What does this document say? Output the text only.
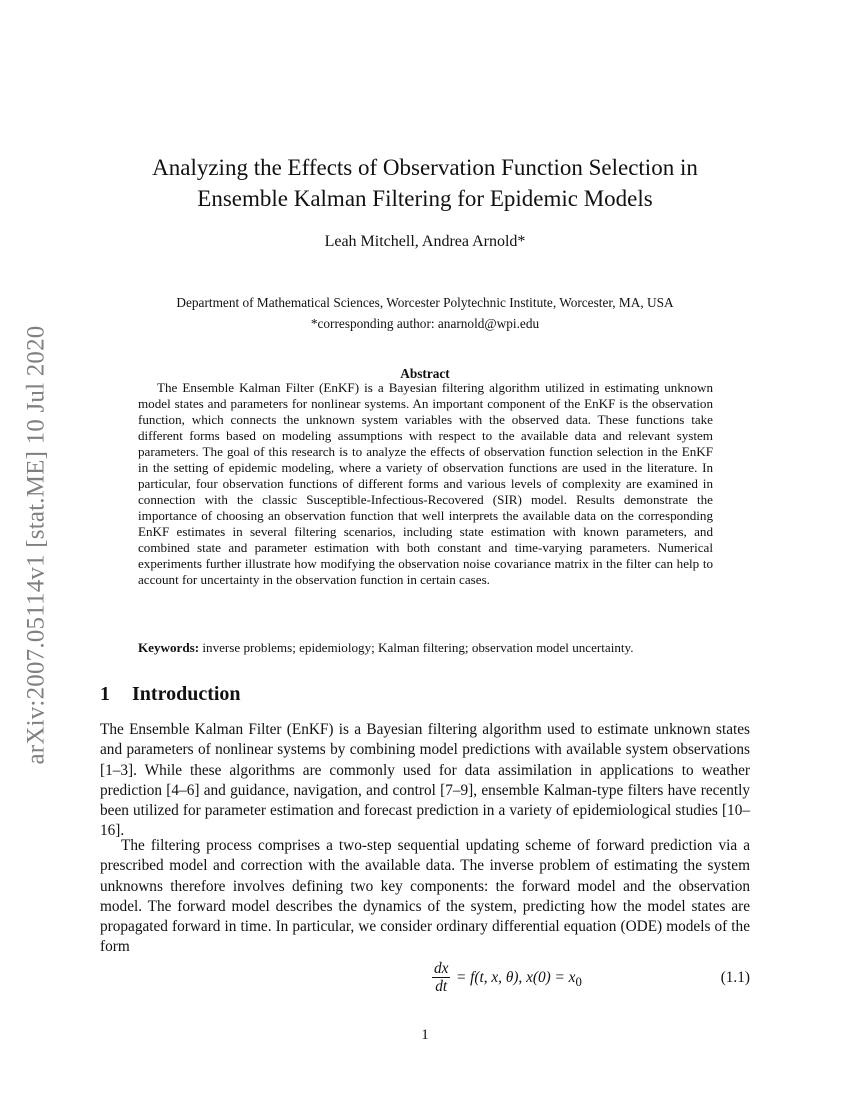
arXiv:2007.05114v1 [stat.ME] 10 Jul 2020
Analyzing the Effects of Observation Function Selection in
Ensemble Kalman Filtering for Epidemic Models
Leah Mitchell, Andrea Arnold*
Department of Mathematical Sciences, Worcester Polytechnic Institute, Worcester, MA, USA
*corresponding author: anarnold@wpi.edu
Abstract

The Ensemble Kalman Filter (EnKF) is a Bayesian filtering algorithm utilized in estimating unknown model states and parameters for nonlinear systems. An important component of the EnKF is the observation function, which connects the unknown system variables with the observed data. These functions take different forms based on modeling assumptions with respect to the available data and relevant system parameters. The goal of this research is to analyze the effects of observation function selection in the EnKF in the setting of epidemic modeling, where a variety of observation functions are used in the literature. In particular, four observation functions of different forms and various levels of complexity are examined in connection with the classic Susceptible-Infectious-Recovered (SIR) model. Results demonstrate the importance of choosing an observation function that well interprets the available data on the corresponding EnKF estimates in several filtering scenarios, including state estimation with known parameters, and combined state and parameter estimation with both constant and time-varying parameters. Numerical experiments further illustrate how modifying the observation noise covariance matrix in the filter can help to account for uncertainty in the observation function in certain cases.

Keywords: inverse problems; epidemiology; Kalman filtering; observation model uncertainty.
1 Introduction

The Ensemble Kalman Filter (EnKF) is a Bayesian filtering algorithm used to estimate unknown states and parameters of nonlinear systems by combining model predictions with available system observations [1–3]. While these algorithms are commonly used for data assimilation in applications to weather prediction [4–6] and guidance, navigation, and control [7–9], ensemble Kalman-type filters have recently been utilized for parameter estimation and forecast prediction in a variety of epidemiological studies [10–16].

The filtering process comprises a two-step sequential updating scheme of forward prediction via a prescribed model and correction with the available data. The inverse problem of estimating the system unknowns therefore involves defining two key components: the forward model and the observation model. The forward model describes the dynamics of the system, predicting how the model states are propagated forward in time. In particular, we consider ordinary differential equation (ODE) models of the form

$\frac{dx}{dt} = f(t$, x, θ), $x(0) = x_0$	(1.1)
1
